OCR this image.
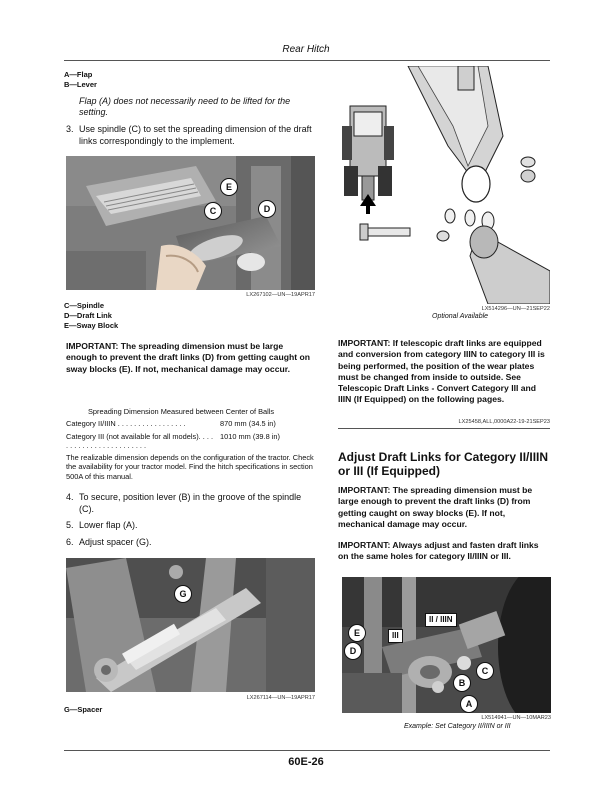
Rear Hitch
A—Flap
B—Lever
Flap (A) does not necessarily need to be lifted for the setting.
3. Use spindle (C) to set the spreading dimension of the draft links correspondingly to the implement.
E
C	D
LX267102—UN—19APR17
C—Spindle
D—Draft Link
E—Sway Block
IMPORTANT: The spreading dimension must be large enough to prevent the draft links (D) from getting caught on sway blocks (E). If not, mechanical damage may occur.
Spreading Dimension Measured between Center of Balls
Category II/IIIN . . . . . . . . . . . . . . . . .	870 mm (34.5 in)
Category III (not available for all models). . . . . . . . . . . . . . . . . . . . . . . .
1010 mm (39.8 in)
The realizable dimension depends on the configuration of the tractor. Check the availability for your tractor model. Find the hitch specifications in section 500A of this manual.
4. To secure, position lever (B) in the groove of the spindle (C).
5. Lower flap (A).
6. Adjust spacer (G).
G
LX267114—UN—19APR17
G—Spacer
LX514296—UN—21SEP22
Optional Available
IMPORTANT: If telescopic draft links are equipped and conversion from category IIIN to category III is being performed, the position of the wear plates must be changed from inside to outside. See Telescopic Draft Links - Convert Category III and IIIN (If Equipped) on the following pages.
LX25458,ALL,0000A22-19-21SEP23
Adjust Draft Links for Category II/IIIN or III (If Equipped)
IMPORTANT: The spreading dimension must be large enough to prevent the draft links (D) from getting caught on sway blocks (E). If not, mechanical damage may occur.
IMPORTANT: Always adjust and fasten draft links on the same holes for category II/IIIN or III.
II / IIIN
III
E
D
C
B
A
LX514941—UN—10MAR23
Example: Set Category II/IIIN or III
60E-26
